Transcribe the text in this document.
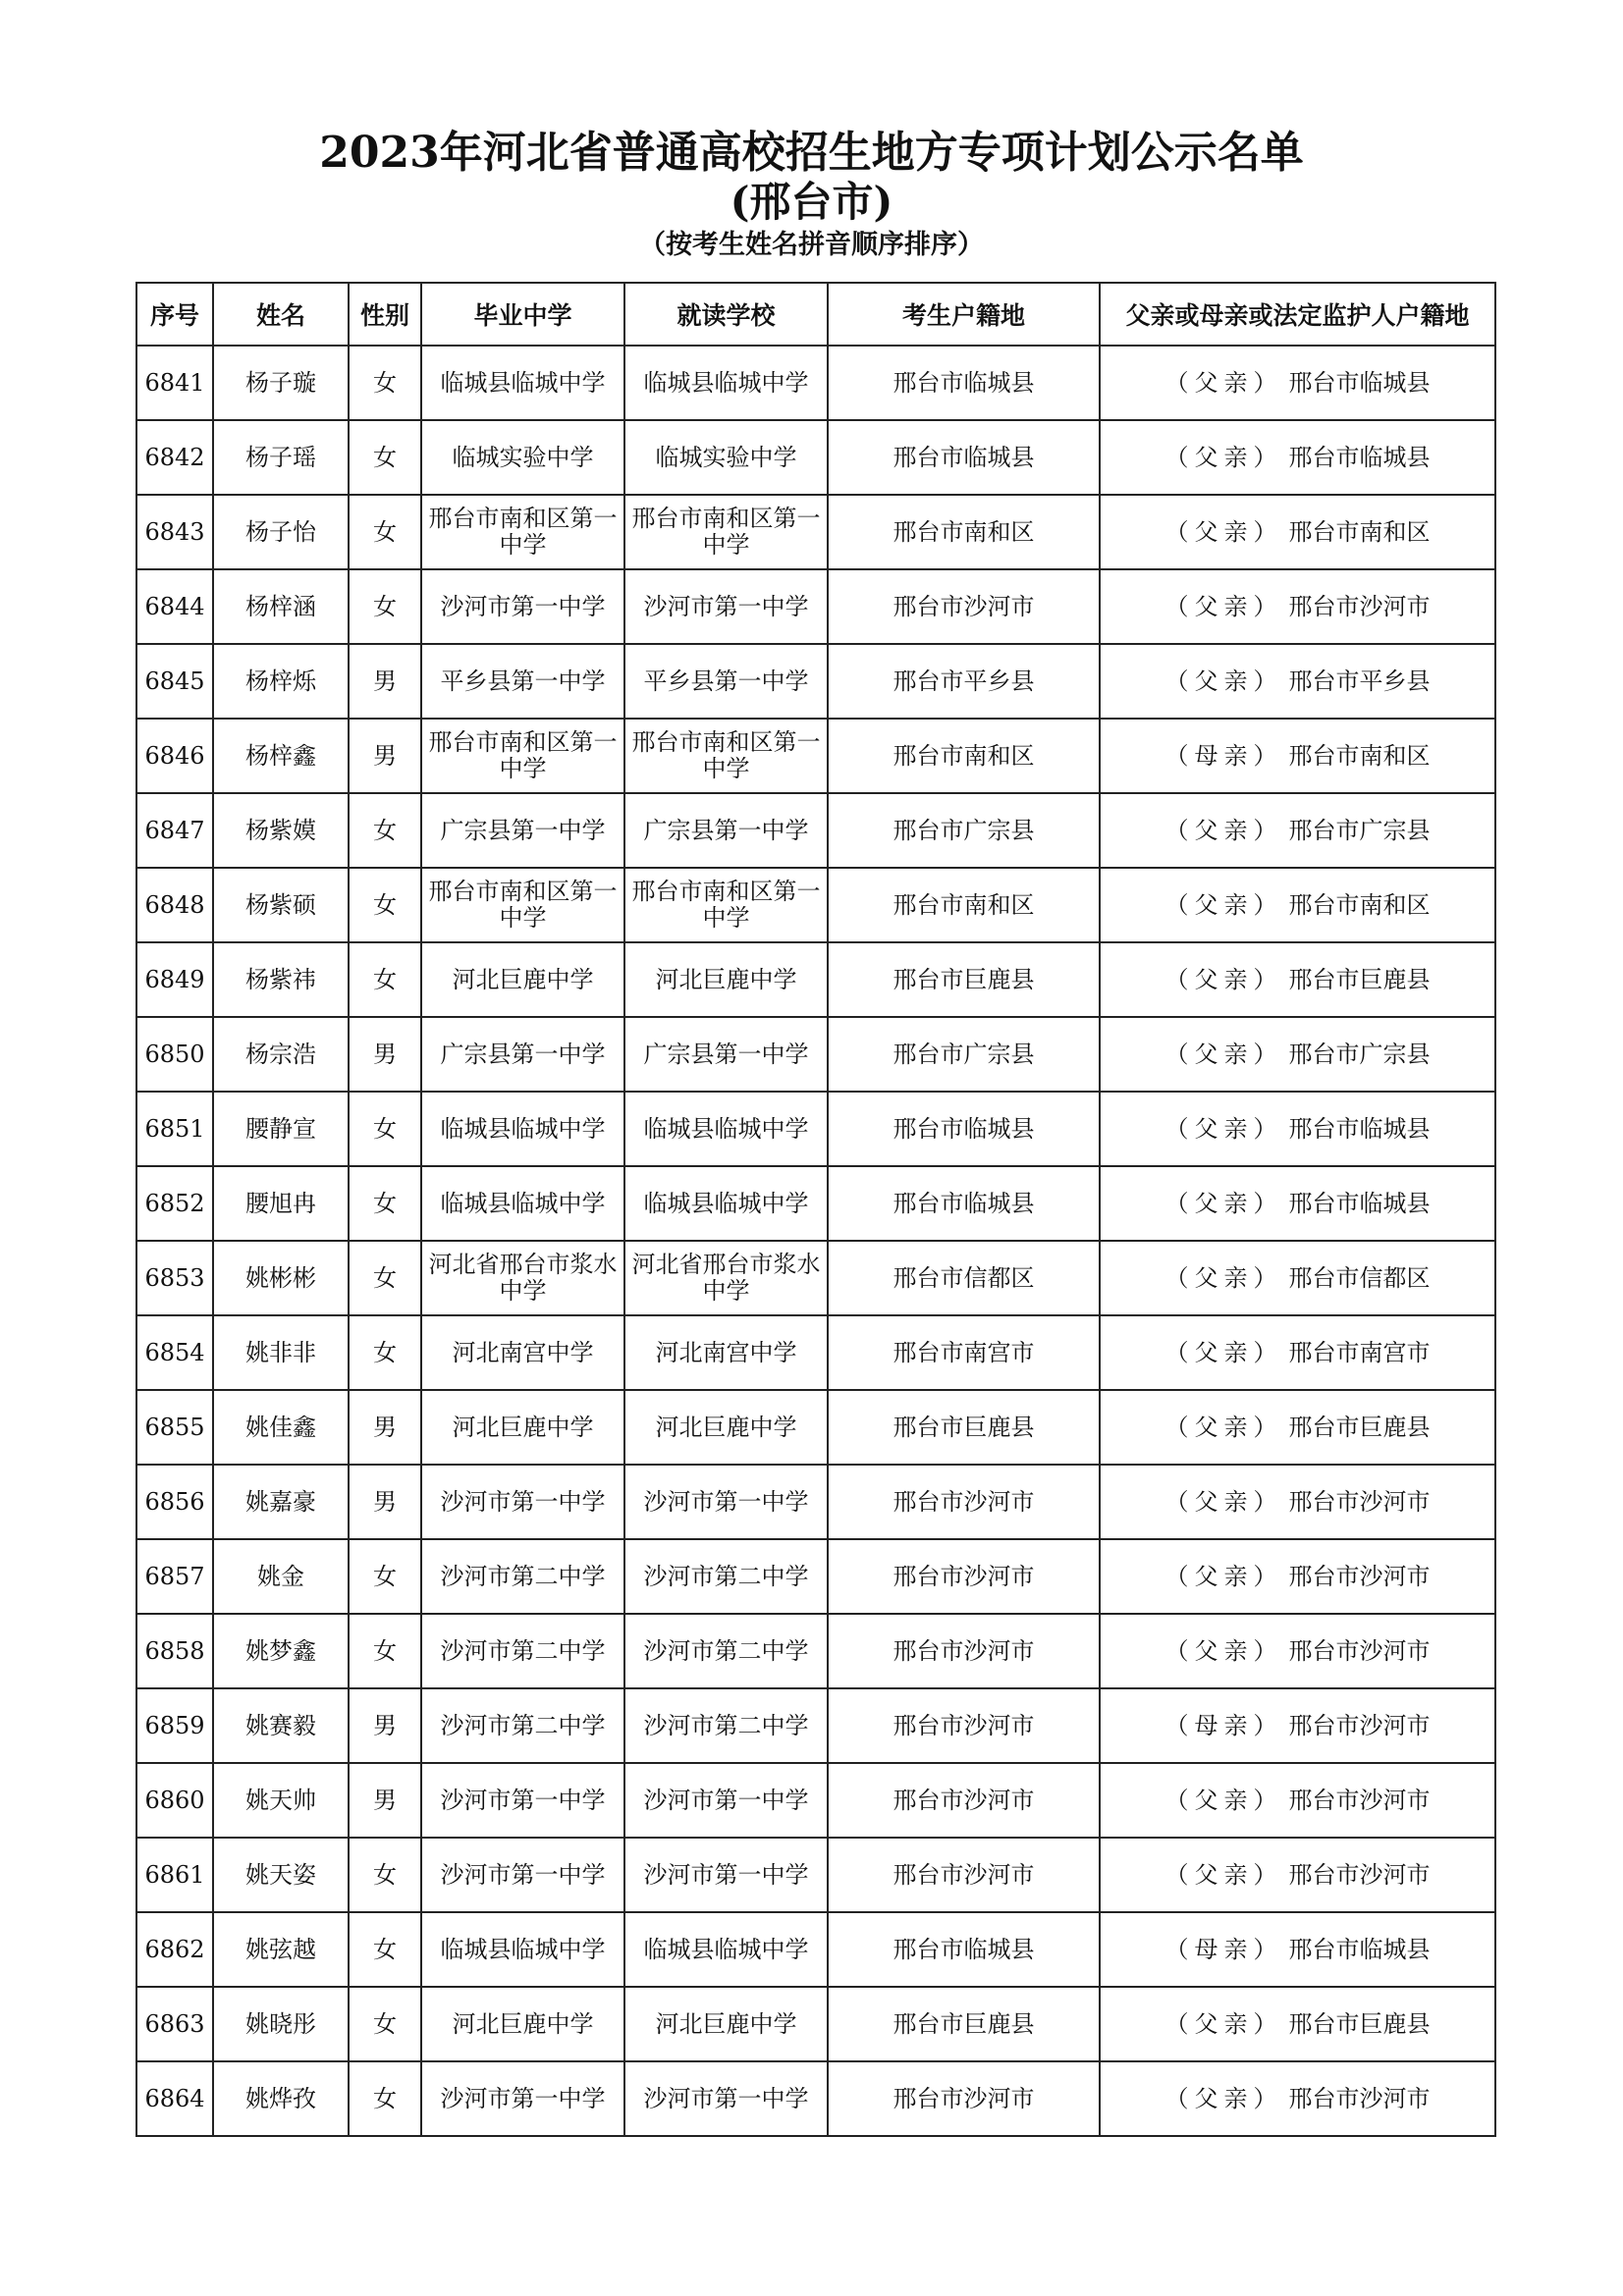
2023年河北省普通高校招生地方专项计划公示名单
(邢台市)
（按考生姓名拼音顺序排序）
序号	姓名	性别	毕业中学	就读学校	考生户籍地	父亲或母亲或法定监护人户籍地
6841	杨子璇	女	临城县临城中学	临城县临城中学	邢台市临城县	（父亲） 邢台市临城县
6842	杨子瑶	女	临城实验中学	临城实验中学	邢台市临城县	（父亲） 邢台市临城县
6843	杨子怡	女	邢台市南和区第一中学	邢台市南和区第一中学	邢台市南和区	（父亲） 邢台市南和区
6844	杨梓涵	女	沙河市第一中学	沙河市第一中学	邢台市沙河市	（父亲） 邢台市沙河市
6845	杨梓烁	男	平乡县第一中学	平乡县第一中学	邢台市平乡县	（父亲） 邢台市平乡县
6846	杨梓鑫	男	邢台市南和区第一中学	邢台市南和区第一中学	邢台市南和区	（母亲） 邢台市南和区
6847	杨紫嫫	女	广宗县第一中学	广宗县第一中学	邢台市广宗县	（父亲） 邢台市广宗县
6848	杨紫硕	女	邢台市南和区第一中学	邢台市南和区第一中学	邢台市南和区	（父亲） 邢台市南和区
6849	杨紫祎	女	河北巨鹿中学	河北巨鹿中学	邢台市巨鹿县	（父亲） 邢台市巨鹿县
6850	杨宗浩	男	广宗县第一中学	广宗县第一中学	邢台市广宗县	（父亲） 邢台市广宗县
6851	腰静宣	女	临城县临城中学	临城县临城中学	邢台市临城县	（父亲） 邢台市临城县
6852	腰旭冉	女	临城县临城中学	临城县临城中学	邢台市临城县	（父亲） 邢台市临城县
6853	姚彬彬	女	河北省邢台市浆水中学	河北省邢台市浆水中学	邢台市信都区	（父亲） 邢台市信都区
6854	姚非非	女	河北南宫中学	河北南宫中学	邢台市南宫市	（父亲） 邢台市南宫市
6855	姚佳鑫	男	河北巨鹿中学	河北巨鹿中学	邢台市巨鹿县	（父亲） 邢台市巨鹿县
6856	姚嘉豪	男	沙河市第一中学	沙河市第一中学	邢台市沙河市	（父亲） 邢台市沙河市
6857	姚金	女	沙河市第二中学	沙河市第二中学	邢台市沙河市	（父亲） 邢台市沙河市
6858	姚梦鑫	女	沙河市第二中学	沙河市第二中学	邢台市沙河市	（父亲） 邢台市沙河市
6859	姚赛毅	男	沙河市第二中学	沙河市第二中学	邢台市沙河市	（母亲） 邢台市沙河市
6860	姚天帅	男	沙河市第一中学	沙河市第一中学	邢台市沙河市	（父亲） 邢台市沙河市
6861	姚天姿	女	沙河市第一中学	沙河市第一中学	邢台市沙河市	（父亲） 邢台市沙河市
6862	姚弦越	女	临城县临城中学	临城县临城中学	邢台市临城县	（母亲） 邢台市临城县
6863	姚晓彤	女	河北巨鹿中学	河北巨鹿中学	邢台市巨鹿县	（父亲） 邢台市巨鹿县
6864	姚烨孜	女	沙河市第一中学	沙河市第一中学	邢台市沙河市	（父亲） 邢台市沙河市
